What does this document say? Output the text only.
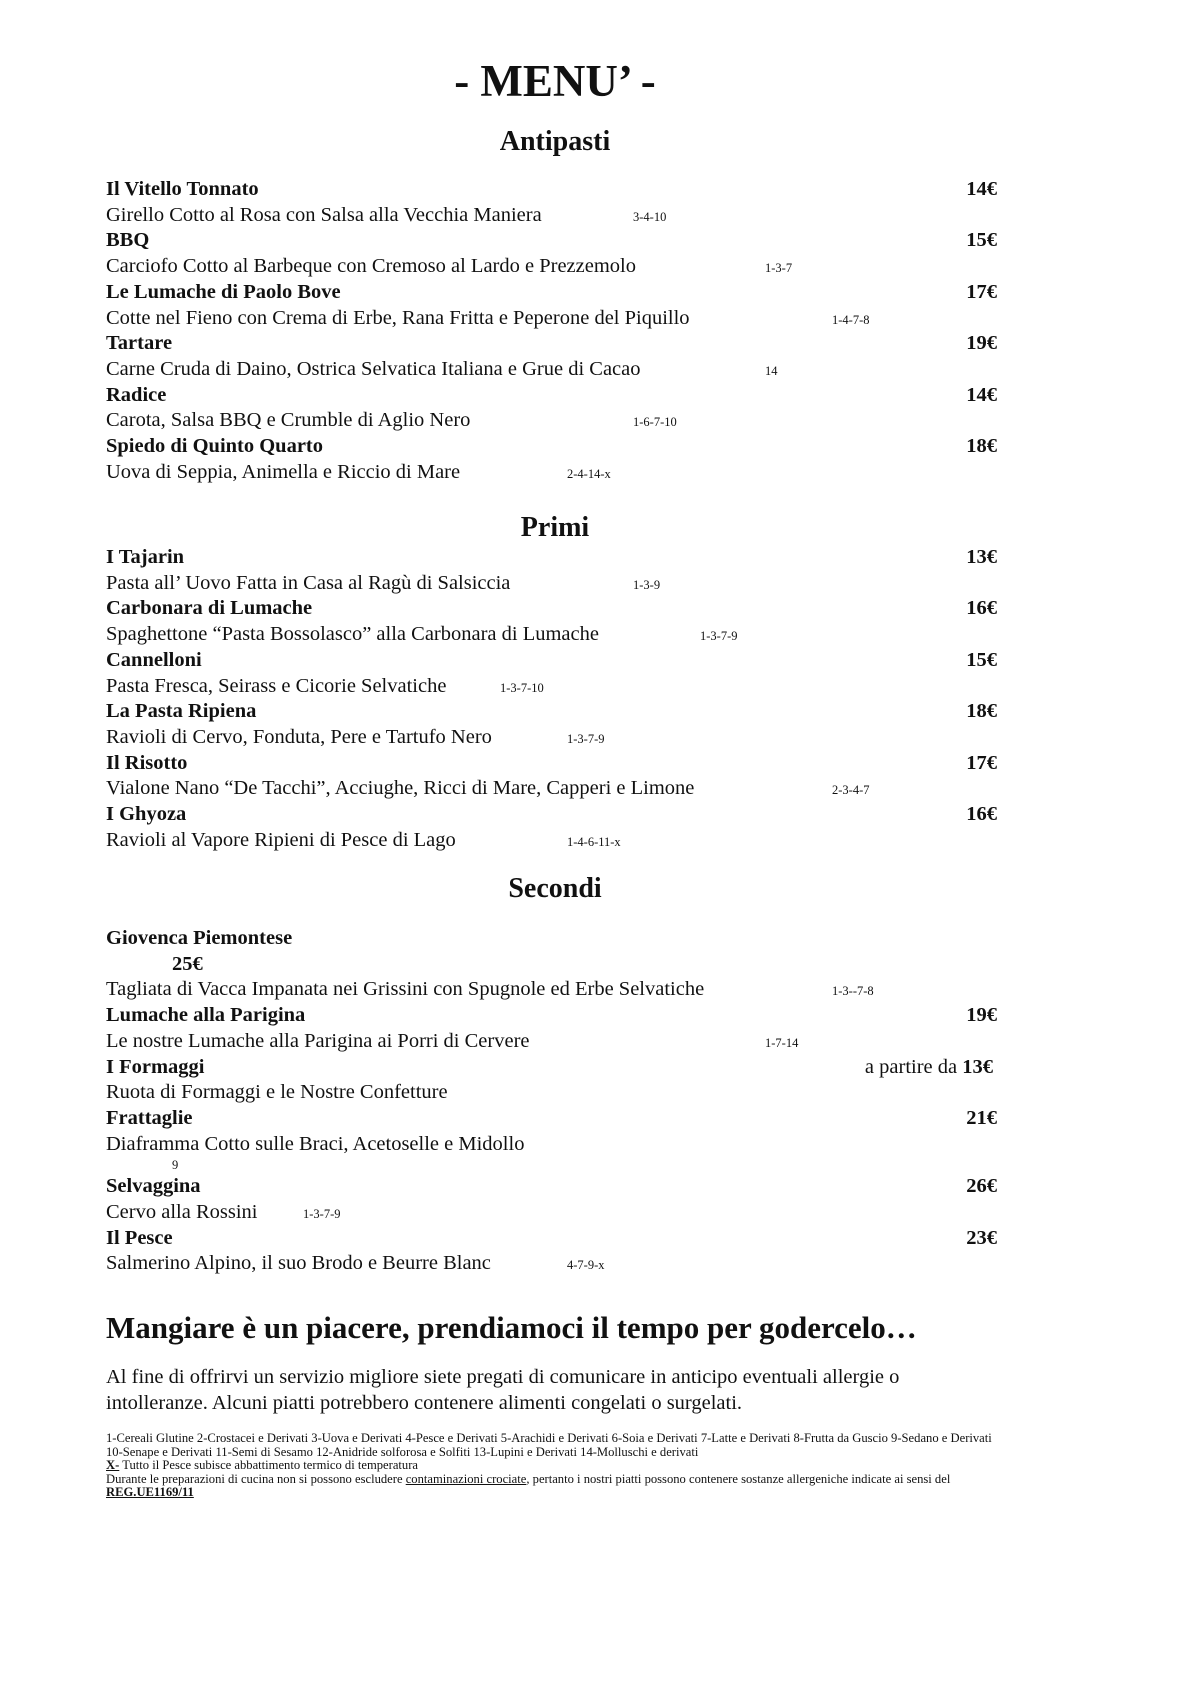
- MENU’ -
Antipasti
Il Vitello Tonnato	14€
Girello Cotto al Rosa con Salsa alla Vecchia Maniera	3-4-10
BBQ	15€
Carciofo Cotto al Barbeque con Cremoso al Lardo e Prezzemolo	1-3-7
Le Lumache di Paolo Bove	17€
Cotte nel Fieno con Crema di Erbe, Rana Fritta e Peperone del Piquillo	1-4-7-8
Tartare	19€
Carne Cruda di Daino, Ostrica Selvatica Italiana e Grue di Cacao	14
Radice	14€
Carota, Salsa BBQ e Crumble di Aglio Nero	1-6-7-10
Spiedo di Quinto Quarto	18€
Uova di Seppia, Animella e Riccio di Mare	2-4-14-x
Primi
I Tajarin	13€
Pasta all’ Uovo Fatta in Casa al Ragù di Salsiccia	1-3-9
Carbonara di Lumache	16€
Spaghettone “Pasta Bossolasco” alla Carbonara di Lumache	1-3-7-9
Cannelloni	15€
Pasta Fresca, Seirass e Cicorie Selvatiche	1-3-7-10
La Pasta Ripiena	18€
Ravioli di Cervo, Fonduta, Pere e Tartufo Nero	1-3-7-9
Il Risotto	17€
Vialone Nano “De Tacchi”, Acciughe, Ricci di Mare, Capperi e Limone	2-3-4-7
I Ghyoza	16€
Ravioli al Vapore Ripieni di Pesce di Lago	1-4-6-11-x
Secondi
Giovenca Piemontese
25€
Tagliata di Vacca Impanata nei Grissini con Spugnole ed Erbe Selvatiche	1-3--7-8
Lumache alla Parigina	19€
Le nostre Lumache alla Parigina ai Porri di Cervere	1-7-14
I Formaggi	a partire da 13€
Ruota di Formaggi e le Nostre Confetture
Frattaglie	21€
Diaframma Cotto sulle Braci, Acetoselle e Midollo
9
Selvaggina	26€
Cervo alla Rossini	1-3-7-9
Il Pesce	23€
Salmerino Alpino, il suo Brodo e Beurre Blanc	4-7-9-x
Mangiare è un piacere, prendiamoci il tempo per godercelo…
Al fine di offrirvi un servizio migliore siete pregati di comunicare in anticipo eventuali allergie o intolleranze. Alcuni piatti potrebbero contenere alimenti congelati o surgelati.
1-Cereali Glutine 2-Crostacei e Derivati 3-Uova e Derivati 4-Pesce e Derivati 5-Arachidi e Derivati 6-Soia e Derivati 7-Latte e Derivati 8-Frutta da Guscio 9-Sedano e Derivati 10-Senape e Derivati 11-Semi di Sesamo 12-Anidride solforosa e Solfiti 13-Lupini e Derivati 14-Molluschi e derivati
X- Tutto il Pesce subisce abbattimento termico di temperatura
Durante le preparazioni di cucina non si possono escludere contaminazioni crociate, pertanto i nostri piatti possono contenere sostanze allergeniche indicate ai sensi del REG.UE1169/11
